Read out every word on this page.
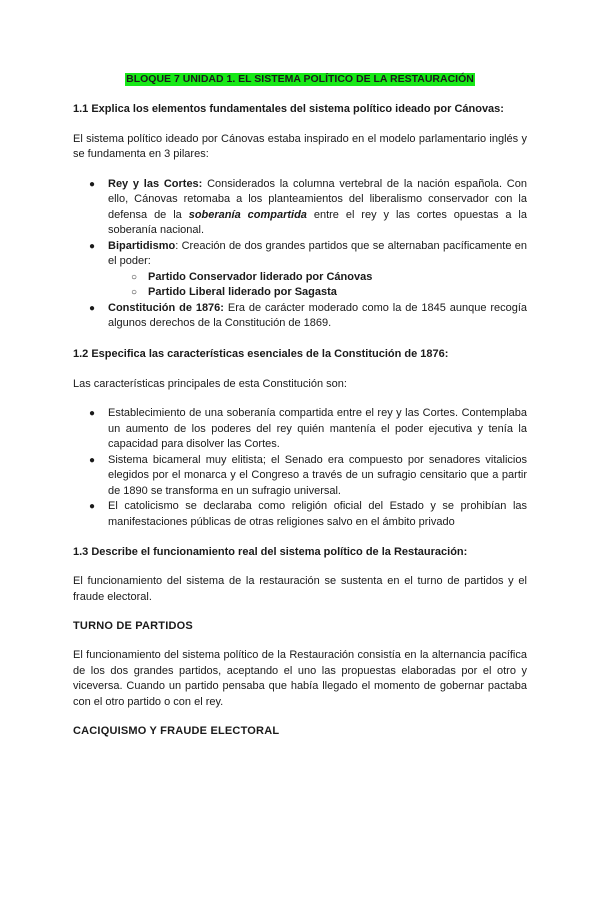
BLOQUE 7 UNIDAD 1. EL SISTEMA POLÍTICO DE LA RESTAURACIÓN
1.1 Explica los elementos fundamentales del sistema político ideado por Cánovas:

El sistema político ideado por Cánovas estaba inspirado en el modelo parlamentario inglés y se fundamenta en 3 pilares:

● Rey y las Cortes: Considerados la columna vertebral de la nación española. Con ello, Cánovas retomaba a los planteamientos del liberalismo conservador con la defensa de la soberanía compartida entre el rey y las cortes opuestas a la soberanía nacional.
● Bipartidismo: Creación de dos grandes partidos que se alternaban pacíficamente en el poder:
○ Partido Conservador liderado por Cánovas
○ Partido Liberal liderado por Sagasta
● Constitución de 1876: Era de carácter moderado como la de 1845 aunque recogía algunos derechos de la Constitución de 1869.
1.2 Especifica las características esenciales de la Constitución de 1876:

Las características principales de esta Constitución son:

● Establecimiento de una soberanía compartida entre el rey y las Cortes. Contemplaba un aumento de los poderes del rey quién mantenía el poder ejecutiva y tenía la capacidad para disolver las Cortes.
● Sistema bicameral muy elitista; el Senado era compuesto por senadores vitalicios elegidos por el monarca y el Congreso a través de un sufragio censitario que a partir de 1890 se transforma en un sufragio universal.
● El catolicismo se declaraba como religión oficial del Estado y se prohibían las manifestaciones públicas de otras religiones salvo en el ámbito privado
1.3 Describe el funcionamiento real del sistema político de la Restauración:

El funcionamiento del sistema de la restauración se sustenta en el turno de partidos y el fraude electoral.

TURNO DE PARTIDOS

El funcionamiento del sistema político de la Restauración consistía en la alternancia pacífica de los dos grandes partidos, aceptando el uno las propuestas elaboradas por el otro y viceversa. Cuando un partido pensaba que había llegado el momento de gobernar pactaba con el otro partido o con el rey.

CACIQUISMO Y FRAUDE ELECTORAL
